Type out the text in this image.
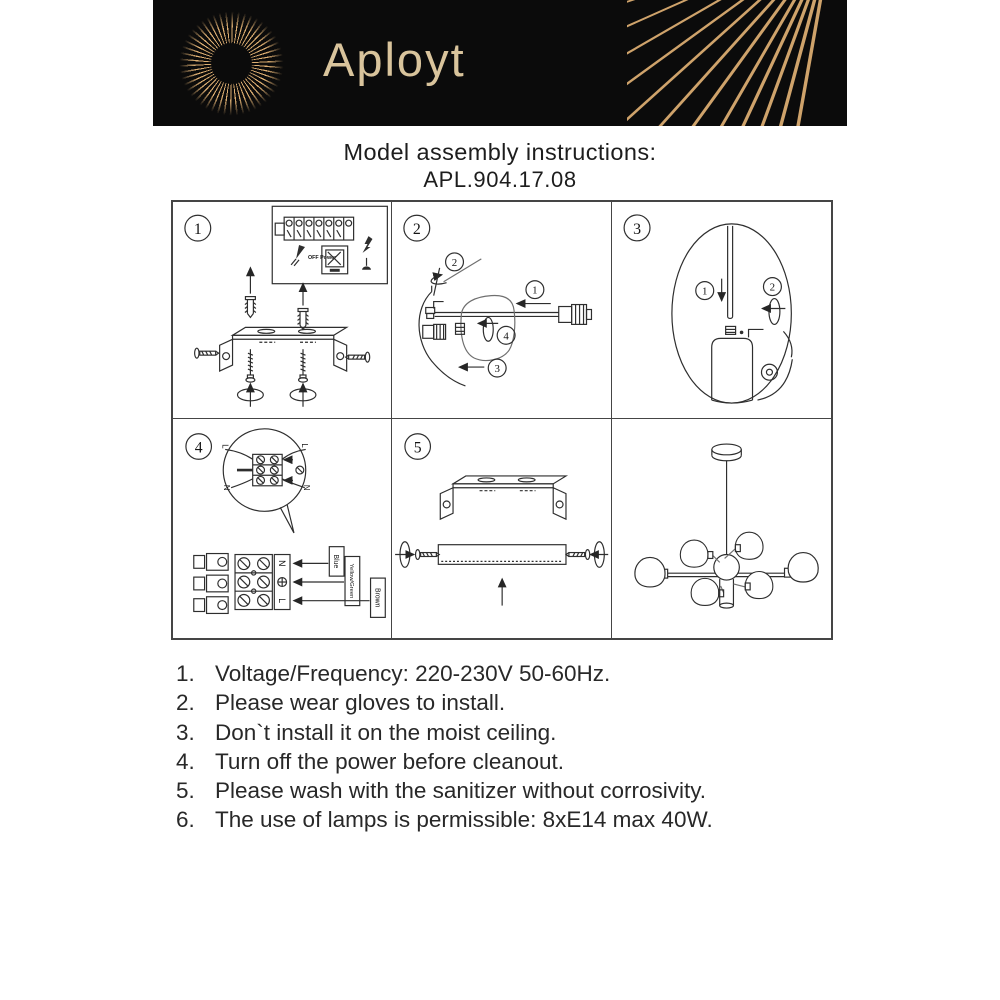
Aployt
Model assembly instructions:
APL.904.17.08
1
OFF Power
2
2
1
4
3
3
1	2
4 L	L
N	N
N
L
Blue
Yellow/Green	Brown
5
1. Voltage/Frequency: 220-230V 50-60Hz.
2. Please wear gloves to install.
3. Don`t install it on the moist ceiling.
4. Turn off the power before cleanout.
5. Please wash with the sanitizer without corrosivity.
6. The use of lamps is permissible: 8xE14 max 40W.
